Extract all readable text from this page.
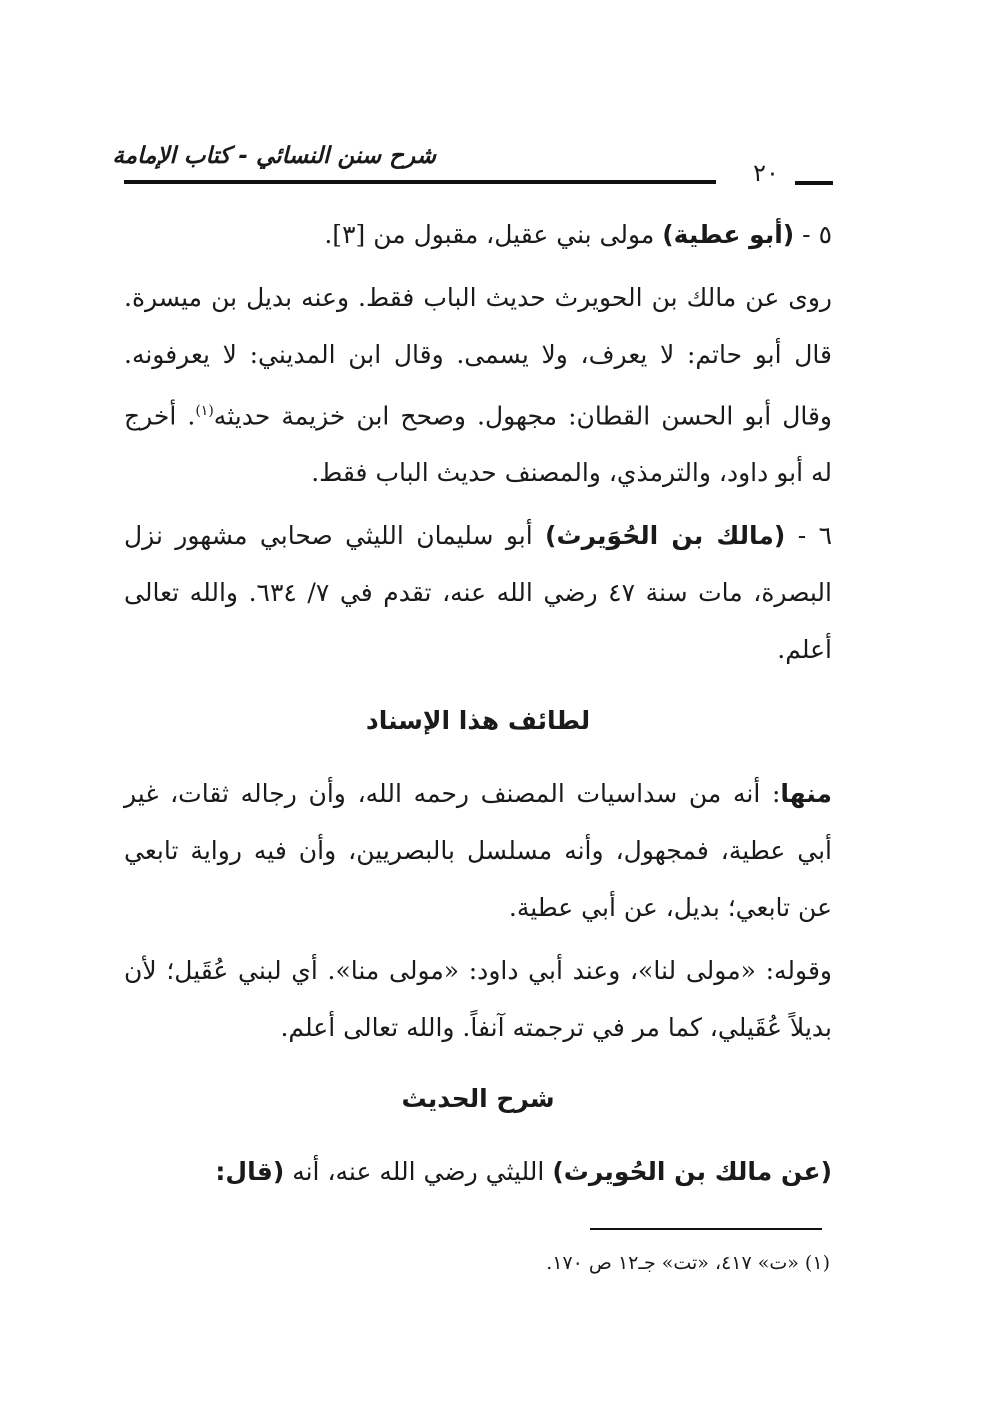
شرح سنن النسائي - كتاب الإمامة
٢٠

٥ - (أبو عطية) مولى بني عقيل، مقبول من [٣].

روى عن مالك بن الحويرث حديث الباب فقط. وعنه بديل بن ميسرة. قال أبو حاتم: لا يعرف، ولا يسمى. وقال ابن المديني: لا يعرفونه. وقال أبو الحسن القطان: مجهول. وصحح ابن خزيمة حديثه$^{(١)}$. أخرج له أبو داود، والترمذي، والمصنف حديث الباب فقط.

٦ - (مالك بن الحُوَيرث) أبو سليمان الليثي صحابي مشهور نزل البصرة، مات سنة ٤٧ رضي الله عنه، تقدم في ٧/ ٦٣٤. والله تعالى أعلم.

لطائف هذا الإسناد

منها: أنه من سداسيات المصنف رحمه الله، وأن رجاله ثقات، غير أبي عطية، فمجهول، وأنه مسلسل بالبصريين، وأن فيه رواية تابعي عن تابعي؛ بديل، عن أبي عطية.

وقوله: «مولى لنا»، وعند أبي داود: «مولى منا». أي لبني عُقَيل؛ لأن بديلاً عُقَيلي، كما مر في ترجمته آنفاً. والله تعالى أعلم.

شرح الحديث

(عن مالك بن الحُويرث) الليثي رضي الله عنه، أنه (قال:

(١) «ت» ٤١٧، «تت» جـ١٢ ص ١٧٠.
